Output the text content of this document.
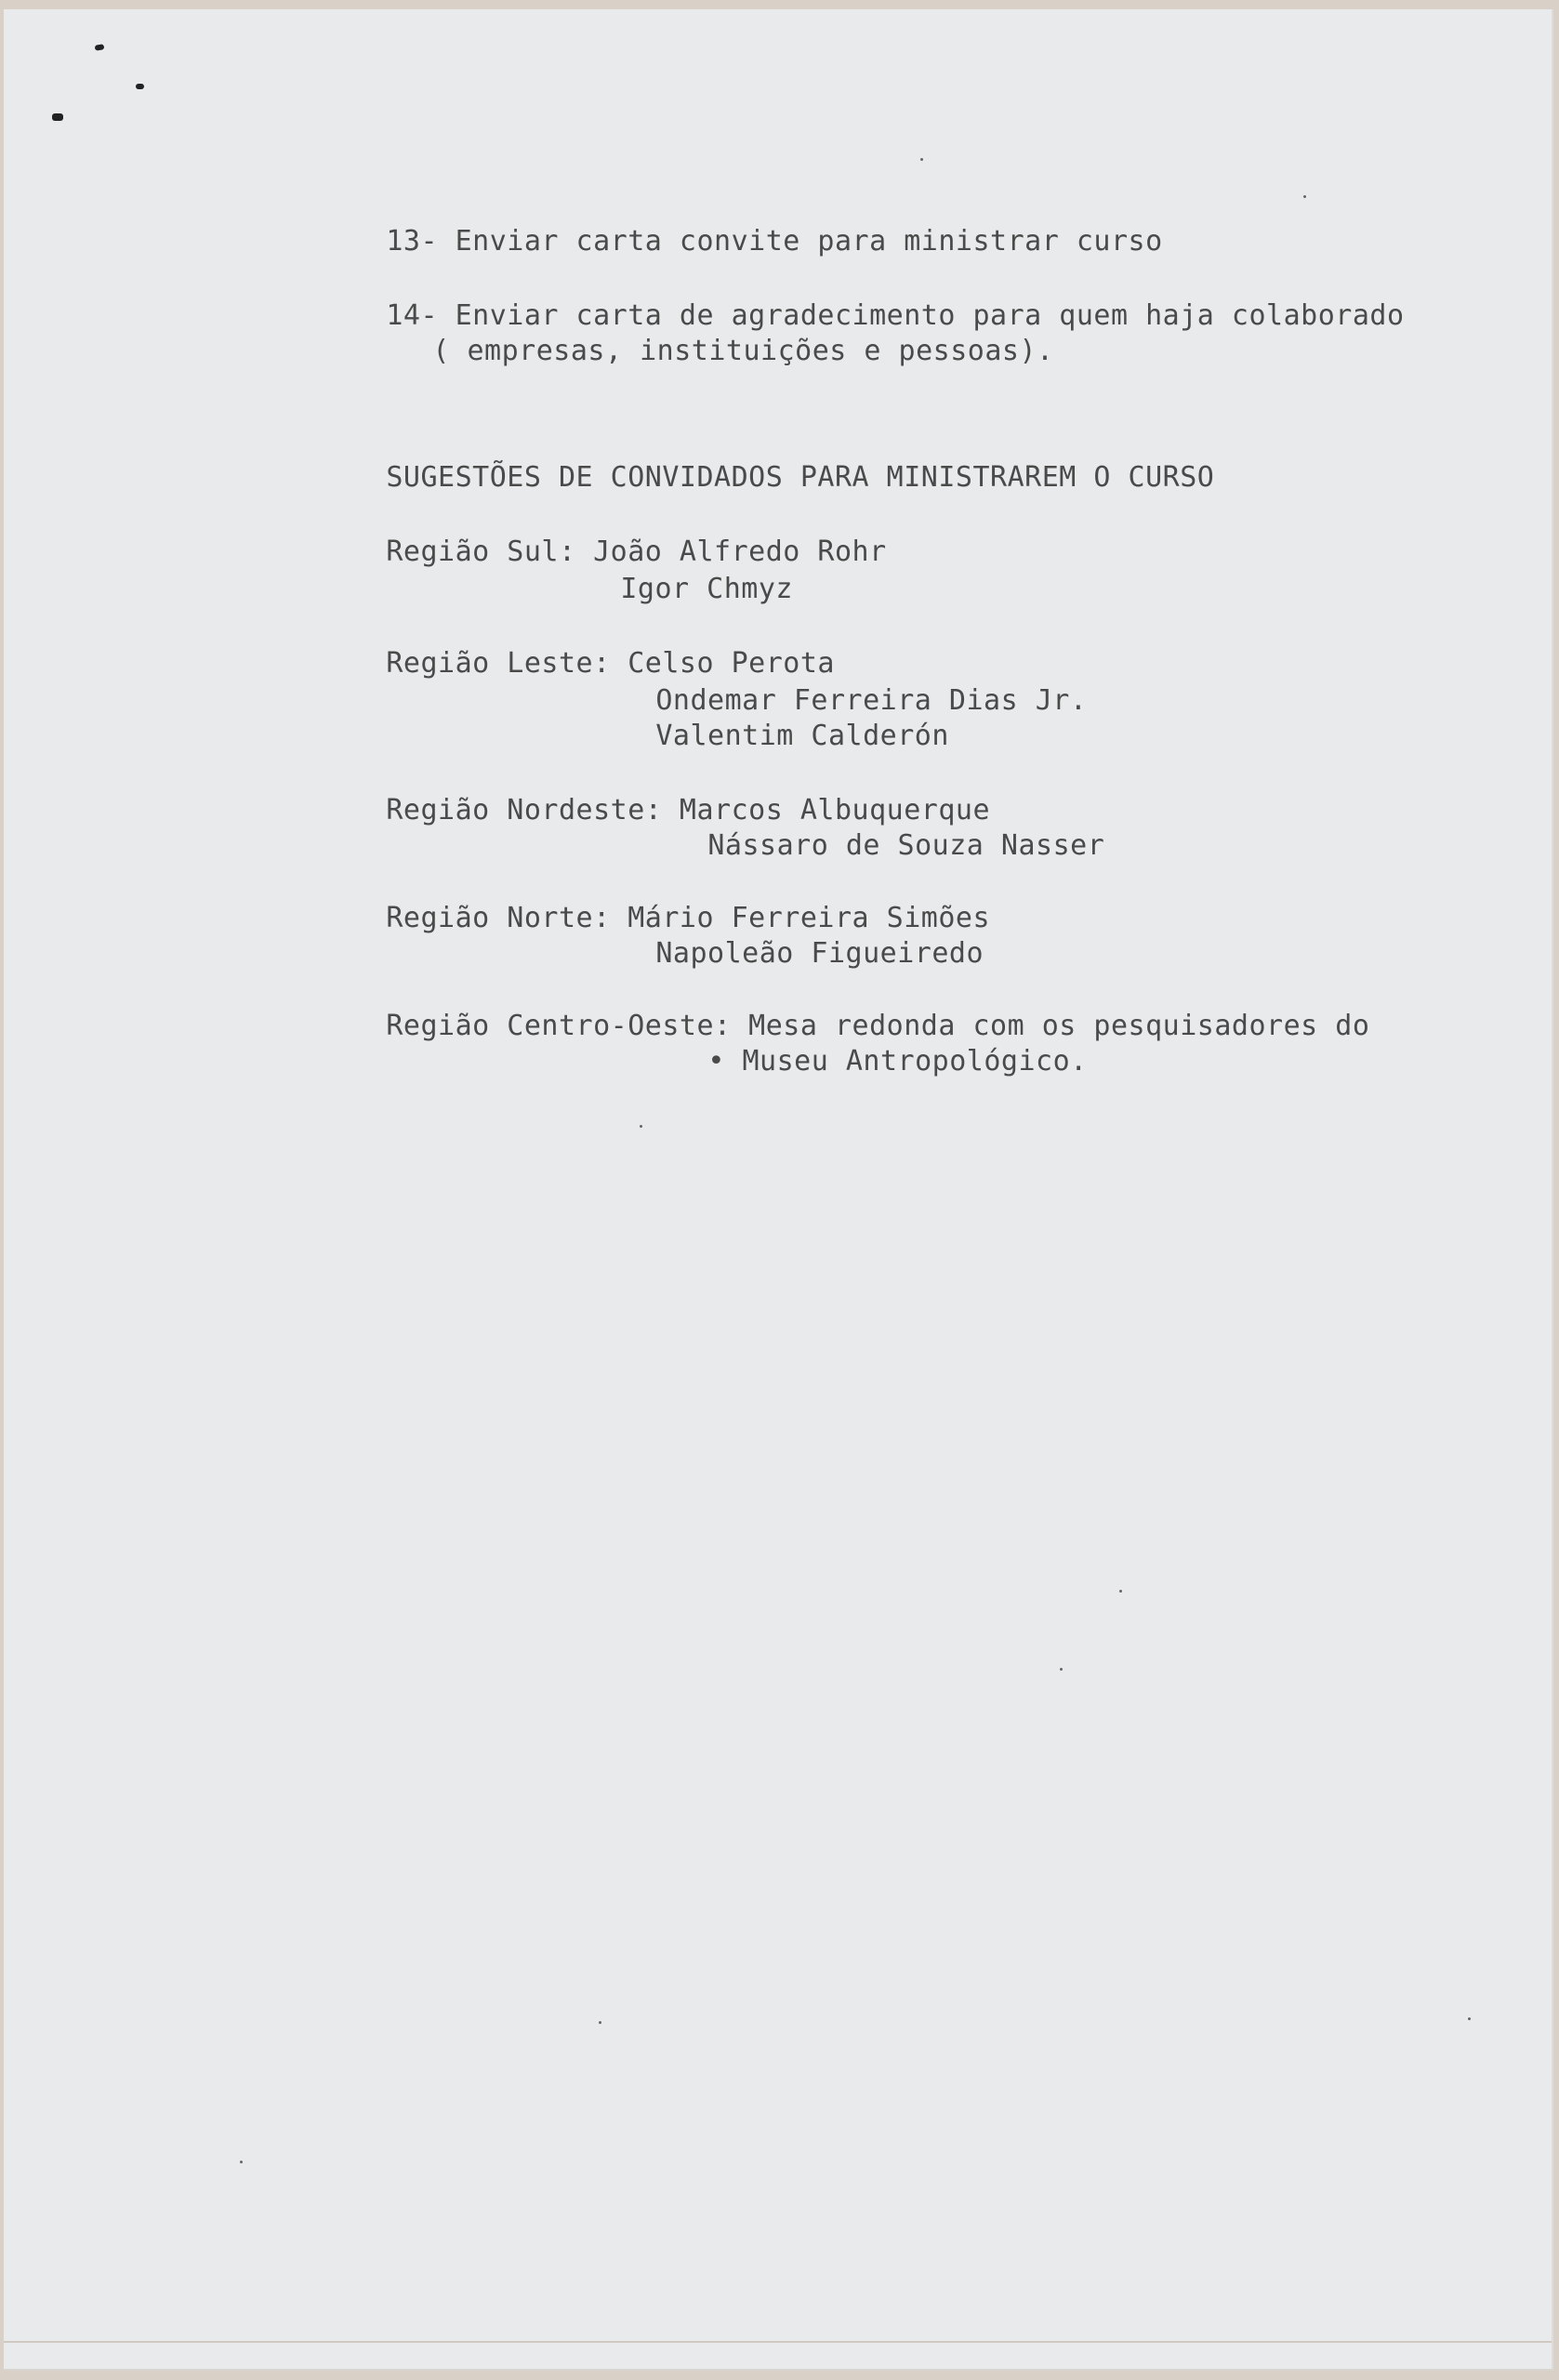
13- Enviar carta convite para ministrar curso

14- Enviar carta de agradecimento para quem haja colaborado

( empresas, instituições e pessoas).

SUGESTÕES DE CONVIDADOS PARA MINISTRAREM O CURSO

Região Sul: João Alfredo Rohr

Igor Chmyz

Região Leste: Celso Perota

Ondemar Ferreira Dias Jr.

Valentim Calderón

Região Nordeste: Marcos Albuquerque

Nássaro de Souza Nasser

Região Norte: Mário Ferreira Simões

Napoleão Figueiredo

Região Centro-Oeste: Mesa redonda com os pesquisadores do

• Museu Antropológico.
